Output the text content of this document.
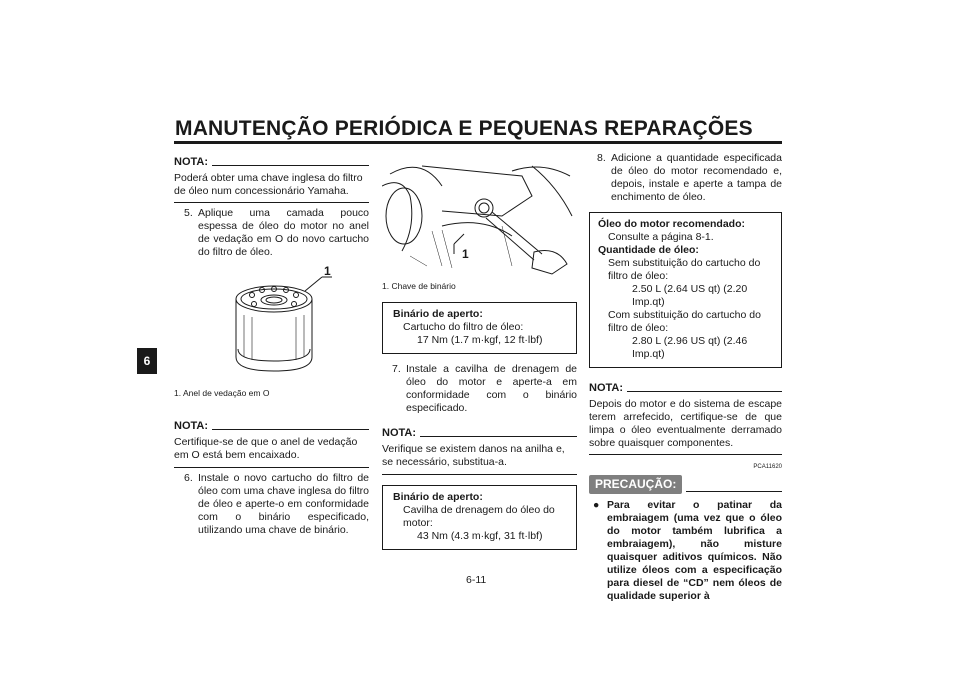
MANUTENÇÃO PERIÓDICA E PEQUENAS REPARAÇÕES
6
NOTA:

Poderá obter uma chave inglesa do filtro de óleo num concessionário Yamaha.

5. Aplique uma camada pouco espessa de óleo do motor no anel de vedação em O do novo cartucho do filtro de óleo.
1

1. Anel de vedação em O

NOTA:

Certifique-se de que o anel de vedação em O está bem encaixado.

6. Instale o novo cartucho do filtro de óleo com uma chave inglesa do filtro de óleo e aperte-o em conformidade com o binário especificado, utilizando uma chave de binário.
1

1. Chave de binário

Binário de aperto:

Cartucho do filtro de óleo:

17 Nm (1.7 m·kgf, 12 ft·lbf)

7. Instale a cavilha de drenagem de óleo do motor e aperte-a em conformidade com o binário especificado.
NOTA:

Verifique se existem danos na anilha e, se necessário, substitua-a.

Binário de aperto:

Cavilha de drenagem do óleo do motor:

43 Nm (4.3 m·kgf, 31 ft·lbf)

8. Adicione a quantidade especificada de óleo do motor recomendado e, depois, instale e aperte a tampa de enchimento de óleo.
Óleo do motor recomendado:

Consulte a página 8-1.

Quantidade de óleo:

Sem substituição do cartucho do filtro de óleo:

2.50 L (2.64 US qt) (2.20 Imp.qt)

Com substituição do cartucho do filtro de óleo:

2.80 L (2.96 US qt) (2.46 Imp.qt)

NOTA:

Depois do motor e do sistema de escape terem arrefecido, certifique-se de que limpa o óleo eventualmente derramado sobre quaisquer componentes.

PCA11620
PRECAUÇÃO:
● Para evitar o patinar da embraiagem (uma vez que o óleo do motor também lubrifica a embraiagem), não misture quaisquer aditivos químicos. Não utilize óleos com a especificação para diesel de “CD” nem óleos de qualidade superior à
6-11
